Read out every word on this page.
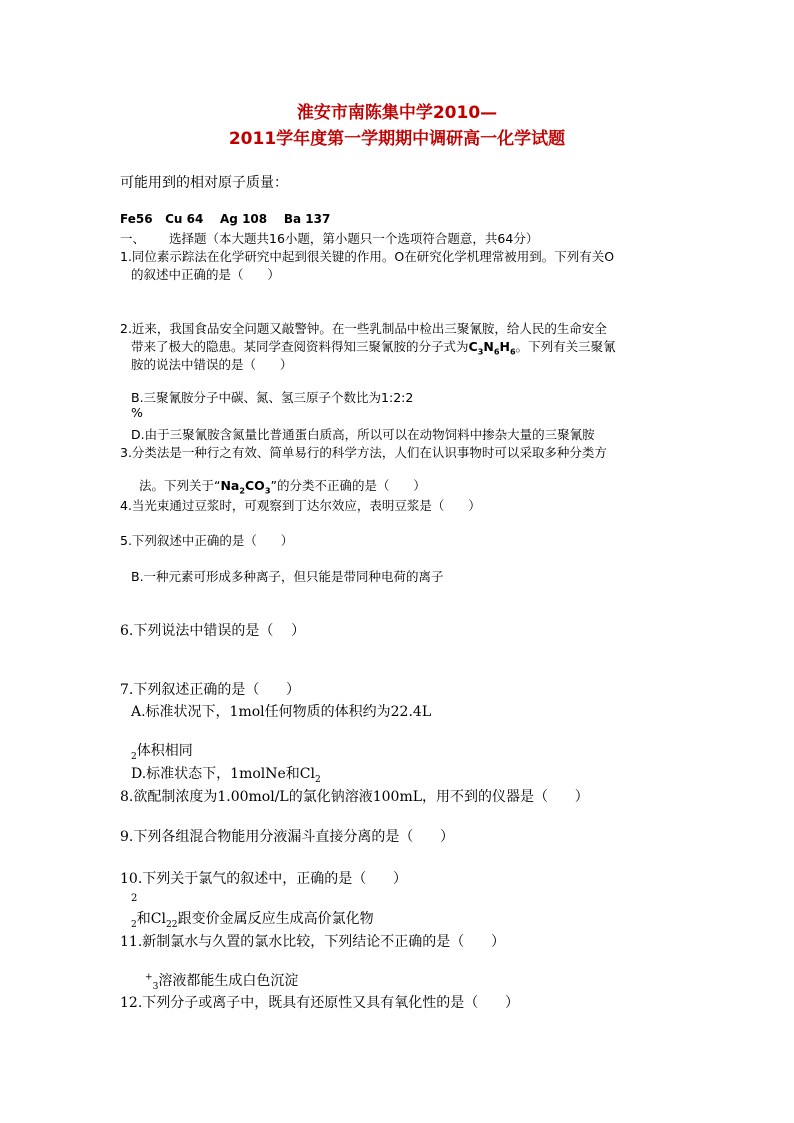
淮安市南陈集中学2010—
2011学年度第一学期期中调研高一化学试题
可能用到的相对原子质量：
Fe56   Cu 64    Ag 108    Ba 137
一、 选择题（本大题共16小题，第小题只一个选项符合题意，共64分）
1.同位素示踪法在化学研究中起到很关键的作用。O在研究化学机理常被用到。下列有关O
的叙述中正确的是（      ）
2.近来，我国食品安全问题又敲警钟。在一些乳制品中检出三聚氰胺，给人民的生命安全
带来了极大的隐患。某同学查阅资料得知三聚氰胺的分子式为$C_3N_6H_6$。下列有关三聚氰
胺的说法中错误的是（      ）
B.三聚氰胺分子中碳、氮、氢三原子个数比为1:2:2
%
D.由于三聚氰胺含氮量比普通蛋白质高，所以可以在动物饲料中掺杂大量的三聚氰胺
3.分类法是一种行之有效、简单易行的科学方法，人们在认识事物时可以采取多种分类方

法。下列关于“$Na_2CO_3$”的分类不正确的是（      ）

4.当光束通过豆浆时，可观察到丁达尔效应，表明豆浆是（      ）
5.下列叙述中正确的是（      ）
B.一种元素可形成多种离子，但只能是带同种电荷的离子
6.下列说法中错误的是（    ）
7.下列叙述正确的是（      ）
A.标准状况下，1mol任何物质的体积约为22.4L
$_2$体积相同
D.标准状态下，1molNe和$Cl_2$
8.欲配制浓度为1.00mol/L的氯化钠溶液100mL，用不到的仪器是（      ）
9.下列各组混合物能用分液漏斗直接分离的是（      ）
10.下列关于氯气的叙述中，正确的是（      ）
2
$_2$和$Cl_{22}$跟变价金属反应生成高价氯化物
11.新制氯水与久置的氯水比较，下列结论不正确的是（      ）
+$_3$溶液都能生成白色沉淀
12.下列分子或离子中，既具有还原性又具有氧化性的是（      ）
